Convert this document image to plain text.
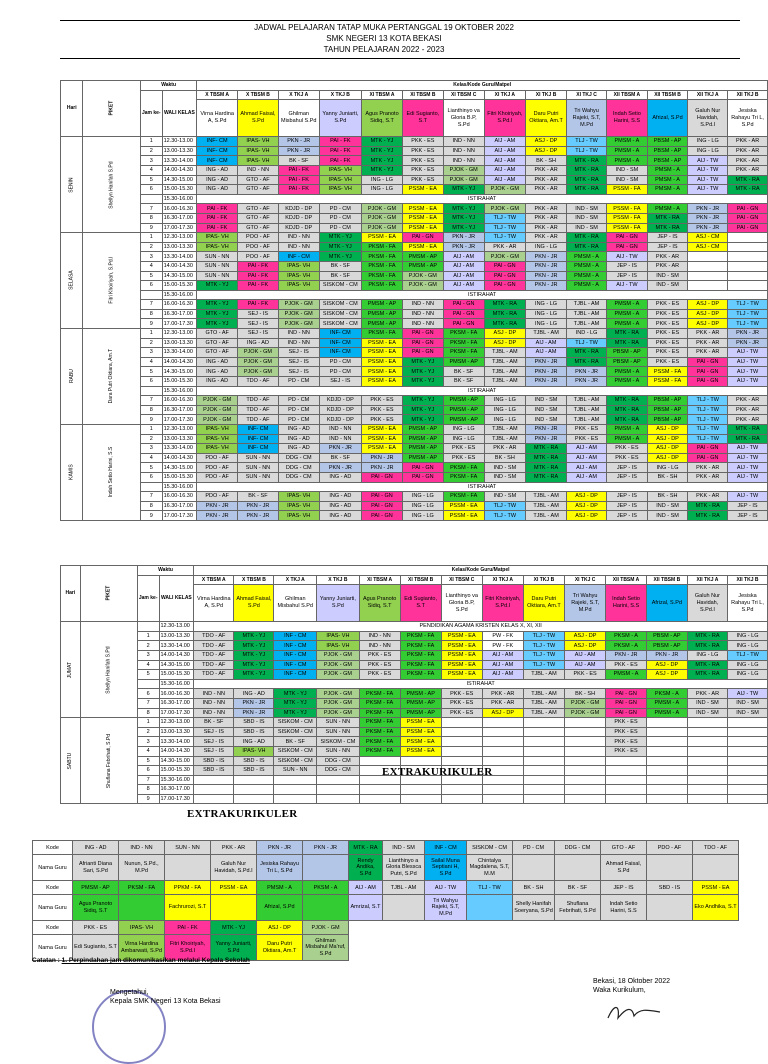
JADWAL PELAJARAN TATAP MUKA PERTANGGAL 19 OKTOBER 2022
SMK NEGERI 13 KOTA BEKASI
TAHUN PELAJARAN 2022 - 2023
Hari	PIKET	Waktu		Kelas/Kode Guru/Matpel													
		Jam ke-	WALI KELAS	X TBSM A	X TBSM B	X TKJ A	X TKJ B	XI TBSM A	XI TBSM B	XI TBSM C	XI TKJ A	XI TKJ B	XI TKJ C	XII TBSM A	XII TBSM B	XII TKJ A	XII TKJ B
				Virna Hardina A, S.Pd	Ahmad Faisal, S.Pd	Ghilman Misbahul S.Pd	Yanny Juniarti, S.Pd	Agus Pranoto Sidiq, S.T	Edi Sugianto, S.T	Lianthinyo va Gloria B.P, S.Pd	Fitri Khoiriyah, S.Pd.I	Daru Putri Oktiara, Am.T	Tri Wahyu Rajeki, S.T, M.Pd	Indah Setio Harini, S.S	Afrizal, S.Pd	Galuh Nur Havidah, S.Pd.I	Jesiska Rahayu Tri L, S.Pd
SENIN	Shellyn Hanifah S.Pd	1	12.30-13.00	INF- CM	IPAS- VH	PKN - JR	PAI - FK	MTK - YJ	PKK - ES	IND - NN	AIJ - AM	ASJ - DP	TLJ - TW	PMSM - A	PBSM - AP	ING - LG	PKK - AR
		2	13.00-13.30	INF- CM	IPAS- VH	PKN - JR	PAI - FK	MTK - YJ	PKK - ES	IND - NN	AIJ - AM	ASJ - DP	TLJ - TW	PMSM - A	PBSM - AP	ING - LG	PKK - AR
		3	13.30-14.00	INF- CM	IPAS- VH	BK - SF	PAI - FK	MTK - YJ	PKK - ES	IND - NN	AIJ - AM	BK - SH	MTK - RA	PMSM - A	PBSM - AP	AIJ - TW	PKK - AR
		4	14.00-14.30	ING - AD	IND - NN	PAI - FK	IPAS- VH	MTK - YJ	PKK - ES	PJOK - GM	AIJ - AM	PKK - AR	MTK - RA	IND - SM	PMSM - A	AIJ - TW	PKK - AR
		5	14.30-15.00	ING - AD	GTO - AF	PAI - FK	IPAS- VH	ING - LG	PKK - ES	PJOK - GM	AIJ - AM	PKK - AR	MTK - RA	IND - SM	PMSM - A	AIJ - TW	MTK - RA
		6	15.00-15.30	ING - AD	GTO - AF	PAI - FK	IPAS- VH	ING - LG	PSSM - EA	MTK - YJ	PJOK - GM	PKK - AR	MTK - RA	PSSM - FA	PMSM - A	AIJ - TW	MTK - RA
			15.30-16.00	ISTIRAHAT													
		7	16.00-16.30	PAI - FK	GTO - AF	KDJD - DP	PD - CM	PJOK - GM	PSSM - EA	MTK - YJ	PJOK - GM	PKK - AR	IND - SM	PSSM - FA	PMSM - A	PKN - JR	PAI - GN
		8	16.30-17.00	PAI - FK	GTO - AF	KDJD - DP	PD - CM	PJOK - GM	PSSM - EA	MTK - YJ	TLJ - TW	PKK - AR	IND - SM	PSSM - FA	MTK - RA	PKN - JR	PAI - GN
		9	17.00-17.30	PAI - FK	GTO - AF	KDJD - DP	PD - CM	PJOK - GM	PSSM - EA	MTK - YJ	TLJ - TW	PKK - AR	IND - SM	PSSM - FA	MTK - RA	PKN - JR	PAI - GN
SELASA	Fitri Khoiriyah, S.Pd.I	1	12.30-13.00	IPAS- VH	POO - AF	IND - NN	MTK - YJ	PSSM - EA	PAI - GN	PKN - JR	TLJ - TW	PKK - AR	MTK - RA	PAI - GN	JEP - IS	ASJ - CM	
		2	13.00-13.30	IPAS- VH	POO - AF	IND - NN	MTK - YJ	PKSM - FA	PSSM - EA	PKN - JR	PKK - AR	ING - LG	MTK - RA	PAI - GN	JEP - IS	ASJ - CM	
		3	13.30-14.00	SUN - NN	POO - AF	INF - CM	MTK - YJ	PKSM - FA	PMSM - AP	AIJ - AM	PJOK - GM	PKN - JR	PMSM - A	AIJ - TW	PKK - AR		
		4	14.00-14.30	SUN - NN	PAI - FK	IPAS- VH	BK - SF	PKSM - FA	PMSM - AP	AIJ - AM	PAI - GN	PKN - JR	PMSM - A	JEP - IS	PKK - AR		
		5	14.30-15.00	SUN - NN	PAI - FK	IPAS- VH	BK - SF	PKSM - FA	PJOK - GM	AIJ - AM	PAI - GN	PKN - JR	PMSM - A	JEP - IS	IND - SM		
		6	15.00-15.30	MTK - YJ	PAI - FK	IPAS- VH	SISKOM - CM	PKSM - FA	PJOK - GM	AIJ - AM	PAI - GN	PKN - JR	PMSM - A	AIJ - TW	IND - SM		
			15.30-16.00	ISTIRAHAT													
		7	16.00-16.30	MTK - YJ	PAI - FK	PJOK - GM	SISKOM - CM	PMSM - AP	IND - NN	PAI - GN	MTK - RA	ING - LG	TJBL - AM	PMSM - A	PKK - ES	ASJ - DP	TLJ - TW
		8	16.30-17.00	MTK - YJ	SEJ - IS	PJOK - GM	SISKOM - CM	PMSM - AP	IND - NN	PAI - GN	MTK - RA	ING - LG	TJBL - AM	PMSM - A	PKK - ES	ASJ - DP	TLJ - TW
		9	17.00-17.30	MTK - YJ	SEJ - IS	PJOK - GM	SISKOM - CM	PMSM - AP	IND - NN	PAI - GN	MTK - RA	ING - LG	TJBL - AM	PMSM - A	PKK - ES	ASJ - DP	TLJ - TW
RABU	Dara Putri Oktiara, Am.T	1	12.30-13.00	GTO - AF	SEJ - IS	IND - NN	INF- CM	PKSM - FA	PAI - GN	PKSM - FA	ASJ - DP	TJBL - AM	IND - LG	MTK - RA	PKK - ES	PKK - AR	PKN - JR
		2	13.00-13.30	GTO - AF	ING - AD	IND - NN	INF- CM	PSSM - EA	PAI - GN	PKSM - FA	ASJ - DP	AIJ - AM	TLJ - TW	MTK - RA	PKK - ES	PKK - AR	PKN - JR
		3	13.30-14.00	GTO - AF	PJOK - GM	SEJ - IS	INF- CM	PSSM - EA	PAI - GN	PKSM - FA	TJBL - AM	AIJ - AM	MTK - RA	PBSM - AP	PKK - ES	PKK - AR	AIJ - TW
		4	14.00-14.30	ING - AD	PJOK - GM	SEJ - IS	PD - CM	PSSM - EA	MTK - YJ	PMSM - AP	TJBL - AM	PKN - JR	MTK - RA	PBSM - AP	PKK - ES	PAI - GN	AIJ - TW
		5	14.30-15.00	ING - AD	PJOK - GM	SEJ - IS	PD - CM	PSSM - EA	MTK - YJ	BK - SF	TJBL - AM	PKN - JR	PKN - JR	PMSM - A	PSSM - FA	PAI - GN	AIJ - TW
		6	15.00-15.30	ING - AD	TDO - AF	PD - CM	SEJ - IS	PSSM - EA	MTK - YJ	BK - SF	TJBL - AM	PKN - JR	PKN - JR	PMSM - A	PSSM - FA	PAI - GN	AIJ - TW
			15.30-16.00	ISTIRAHAT													
		7	16.00-16.30	PJOK - GM	TDO - AF	PD - CM	KDJD - DP	PKK - ES	MTK - YJ	PMSM - AP	ING - LG	IND - SM	TJBL - AM	MTK - RA	PBSM - AP	TLJ - TW	PKK - AR
		8	16.30-17.00	PJOK - GM	TDO - AF	PD - CM	KDJD - DP	PKK - ES	MTK - YJ	PMSM - AP	ING - LG	IND - SM	TJBL - AM	MTK - RA	PBSM - AP	TLJ - TW	PKK - AR
		9	17.00-17.30	PJOK - GM	TDO - AF	PD - CM	KDJD - DP	PKK - ES	MTK - YJ	PMSM - AP	ING - LG	IND - SM	TJBL - AM	MTK - RA	PBSM - AP	TLJ - TW	PKK - AR
KAMIS	Indah Setio Harini, S.S	1	12.30-13.00	IPAS- VH	INF- CM	ING - AD	IND - NN	PSSM - EA	PMSM - AP	ING - LG	TJBL - AM	PKN - JR	PKK - ES	PMSM - A	ASJ - DP	TLJ - TW	MTK - RA
		2	13.00-13.30	IPAS- VH	INF- CM	ING - AD	IND - NN	PSSM - EA	PMSM - AP	ING - LG	TJBL - AM	PKN - JR	PKK - ES	PMSM - A	ASJ - DP	TLJ - TW	MTK - RA
		3	13.30-14.00	IPAS- VH	INF- CM	ING - AD	PKN - JR	PSSM - EA	PMSM - AP	PKK - ES	PKK - AR	MTK - RA	AIJ - AM	PKK - ES	ASJ - DP	PAI - GN	AIJ - TW
		4	14.00-14.30	PDO - AF	SUN - NN	DDG - CM	BK - SF	PKN - JR	PMSM - AP	PKK - ES	BK - SH	MTK - RA	AIJ - AM	PKK - ES	ASJ - DP	PAI - GN	AIJ - TW
		5	14.30-15.00	PDO - AF	SUN - NN	DDG - CM	PKN - JR	PKN - JR	PAI - GN	PKSM - FA	IND - SM	MTK - RA	AIJ - AM	JEP - IS	ING - LG	PKK - AR	AIJ - TW
		6	15.00-15.30	PDO - AF	SUN - NN	DDG - CM	ING - AD	PAI - GN	PAI - GN	PKSM - FA	IND - SM	MTK - RA	AIJ - AM	JEP - IS	BK - SH	PKK - AR	AIJ - TW
			15.30-16.00	ISTIRAHAT													
		7	16.00-16.30	PDO - AF	BK - SF	IPAS- VH	ING - AD	PAI - GN	ING - LG	PKSM - FA	IND - SM	TJBL - AM	ASJ - DP	JEP - IS	BK - SH	PKK - AR	AIJ - TW
		8	16.30-17.00	PKN - JR	PKN - JR	IPAS- VH	ING - AD	PAI - GN	ING - LG	PSSM - EA	TLJ - TW	TJBL - AM	ASJ - DP	JEP - IS	IND - SM	MTK - RA	JEP - IS
		9	17.00-17.30	PKN - JR	PKN - JR	IPAS- VH	ING - AD	PAI - GN	ING - LG	PSSM - EA	TLJ - TW	TJBL - AM	ASJ - DP	JEP - IS	IND - SM	MTK - RA	JEP - IS
Hari	PIKET	Waktu		Kelas/Kode Guru/Matpel													
		Jam ke-	WALI KELAS	X TBSM A	X TBSM B	X TKJ A	X TKJ B	XI TBSM A	XI TBSM B	XI TBSM C	XI TKJ A	XI TKJ B	XI TKJ C	XII TBSM A	XII TBSM B	XII TKJ A	XII TKJ B
				Virna Hardina A, S.Pd	Ahmad Faisal, S.Pd	Ghilman Misbahul S.Pd	Yanny Juniarti, S.Pd	Agus Pranoto Sidiq, S.T	Edi Sugianto, S.T	Lianthinyo va Gloria B.P, S.Pd	Fitri Khoiriyah, S.Pd.I	Daru Putri Oktiara, Am.T	Tri Wahyu Rajeki, S.T, M.Pd	Indah Setio Harini, S.S	Afrizal, S.Pd	Galuh Nur Havidah, S.Pd.I	Jesiska Rahayu Tri L, S.Pd
JUMAT	Shellyn Hanifah S.Pd		12.30-13.00	PENDIDIKAN AGAMA KRISTEN KELAS X, XI, XII													
		1	13.00-13.30	TDO - AF	MTK - YJ	INF - CM	IPAS- VH	IND - NN	PKSM - FA	PSSM - EA	PW - FK	TLJ - TW	ASJ - DP	PKSM - A	PBSM - AP	MTK - RA	ING - LG
		2	13.30-14.00	TDO - AF	MTK - YJ	INF - CM	IPAS- VH	IND - NN	PKSM - FA	PSSM - EA	PW - FK	TLJ - TW	ASJ - DP	PKSM - A	PBSM - AP	MTK - RA	ING - LG
		3	14.00-14.30	TDO - AF	MTK - YJ	INF - CM	PJOK - GM	PKK - ES	PKSM - FA	PSSM - EA	AIJ - AM	TLJ - TW	AIJ - AM	PKN - JR	PKN - JR	ING - LG	TLJ - TW
		4	14.30-15.00	TDO - AF	MTK - YJ	INF - CM	PJOK - GM	PKK - ES	PKSM - FA	PSSM - EA	AIJ - AM	TLJ - TW	AIJ - AM	PKK - ES	ASJ - DP	MTK - RA	ING - LG
		5	15.00-15.30	TDO - AF	MTK - YJ	INF - CM	PJOK - GM	PKK - ES	PKSM - FA	PSSM - EA	AIJ - AM	TJBL - AM	PKK - ES	PMSM - A	ASJ - DP	MTK - RA	ING - LG
			15.30-16.00	ISTIRAHAT													
		6	16.00-16.30	IND - NN	ING - AD	MTK - YJ	PJOK - GM	PKSM - FA	PMSM - AP	PKK - ES	PKK - AR	TJBL - AM	BK - SH	PAI - GN	PKSM - A	PKK - AR	AIJ - TW
		7	16.30-17.00	IND - NN	PKN - JR	MTK - YJ	PJOK - GM	PKSM - FA	PMSM - AP	PKK - ES	PKK - AR	TJBL - AM	PJOK - GM	PAI - GN	PMSM - A	IND - SM	IND - SM
		8	17.00-17.30	IND - NN	PKN - JR	MTK - YJ	PJOK - GM	PKSM - FA	PMSM - AP	PKK - ES	ASJ - DP	TJBL - AM	PJOK - GM	PAI - GN	PMSM - A	IND - SM	IND - SM
SABTU	Shuflana Febrihati, S.Pd	1	12.30-13.00	BK - SF	SBD - IS	SISKOM - CM	SUN - NN	PKSM - FA	PSSM - EA					PKK - ES			
		2	13.00-13.30	SEJ - IS	SBD - IS	SISKOM - CM	SUN - NN	PKSM - FA	PSSM - EA					PKK - ES			
		3	13.30-14.00	SEJ - IS	ING - AD	BK - SF	SISKOM - CM	PKSM - FA	PSSM - EA					PKK - ES			
		4	14.00-14.30	SEJ - IS	IPAS- VH	SISKOM - CM	SUN - NN	PKSM - FA	PSSM - EA					PKK - ES			
		5	14.30-15.00	SBD - IS	SBD - IS	SISKOM - CM	DDG - CM										
		6	15.00-15.30	SBD - IS	SBD - IS	SUN - NN	DDG - CM										
		7	15.30-16.00														
		8	16.30-17.00														
		9	17.00-17.30														
EXTRAKURIKULER
EXTRAKURIKULER
Kode	ING - AD	IND - NN	SUN - NN	PKK - AR	PKN - JR	PKN - JR	MTK - RA	IND - SM	INF - CM	SISKOM - CM	PD - CM	DDG - CM	GTO - AF	PDO - AF	TDO - AF
Nama Guru	Afrianti Diana Sari, S.Pd	Nunun, S.Pd., M.Pd		Galuh Nur Havidah, S.Pd.I	Jesiska Rahayu Tri L, S.Pd		Rendy Andika, S.Pd	Lianthinyo a Gloria Blessca Putri, S.Pd	Sailal Muna Septiani H, S.Pd	Chintalya Magdalena, S.T, M.M			Ahmad Faisal, S.Pd		
Kode	PMSM - AP	PKSM - FA	PPKM - FA	PSSM - EA	PMSM - A	PKSM - A	AIJ - AM	TJBL - AM	AIJ - TW	TLJ - TW	BK - SH	BK - SF	JEP - IS	SBD - IS	PSSM - EA
Nama Guru	Agus Pranoto Sidiq, S.T		Fachrurozi, S.T		Afrizal, S.Pd		Amrizal, S.T		Tri Wahyu Rajeki, S.T, M.Pd		Shelly Hanifah Soeryana, S.Pd	Shuflana Febrihati, S.Pd	Indah Setio Harini, S.S		Eko Andhika, S.T
Kode	PKK - ES	IPAS- VH	PAI - FK	MTK - YJ	ASJ - DP	PJOK - GM									
Nama Guru	Edi Sugianto, S.T	Virna Hardina Ambarwati, S.Pd	Fitri Khoiriyah, S.Pd.I	Yanny Juniarti, S.Pd	Daru Putri Oktiara, Am.T	Ghilman Misbahul Ma'ruf, S.Pd									
Catatan : 1. Perpindahan jam dikomunikasikan melalui Kepala Sekolah
Mengetahui,
Kepala SMK Negeri 13 Kota Bekasi
Bekasi, 18 Oktober 2022
Waka Kurikulum,
